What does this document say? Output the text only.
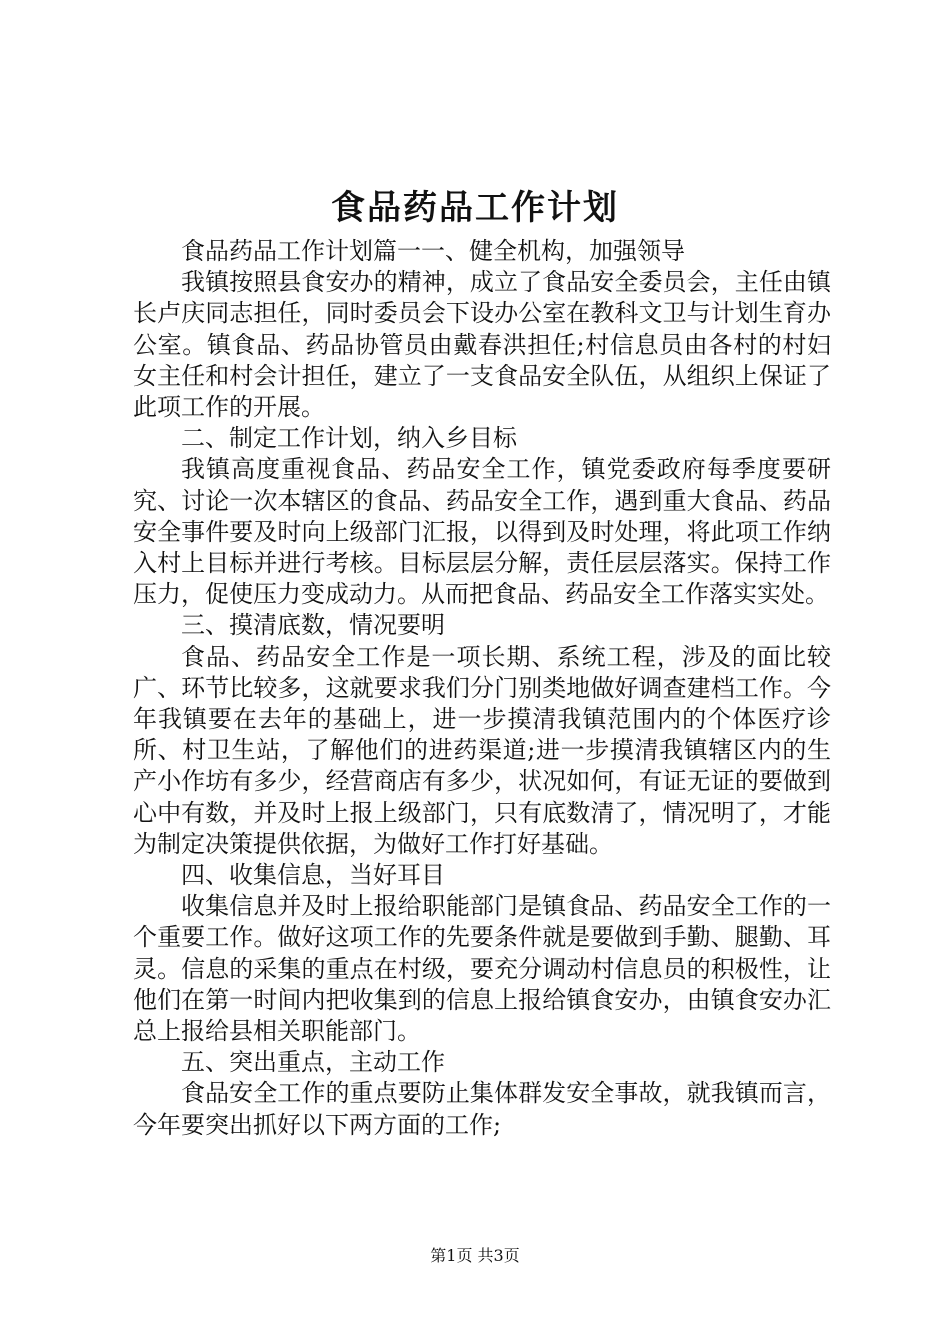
食品药品工作计划

食品药品工作计划篇一一、健全机构，加强领导

我镇按照县食安办的精神，成立了食品安全委员会，主任由镇长卢庆同志担任，同时委员会下设办公室在教科文卫与计划生育办公室。镇食品、药品协管员由戴春洪担任;村信息员由各村的村妇女主任和村会计担任，建立了一支食品安全队伍，从组织上保证了此项工作的开展。

二、制定工作计划，纳入乡目标

我镇高度重视食品、药品安全工作，镇党委政府每季度要研究、讨论一次本辖区的食品、药品安全工作，遇到重大食品、药品安全事件要及时向上级部门汇报，以得到及时处理，将此项工作纳入村上目标并进行考核。目标层层分解，责任层层落实。保持工作压力，促使压力变成动力。从而把食品、药品安全工作落实实处。

三、摸清底数，情况要明

食品、药品安全工作是一项长期、系统工程，涉及的面比较广、环节比较多，这就要求我们分门别类地做好调查建档工作。今年我镇要在去年的基础上，进一步摸清我镇范围内的个体医疗诊所、村卫生站，了解他们的进药渠道;进一步摸清我镇辖区内的生产小作坊有多少，经营商店有多少，状况如何，有证无证的要做到心中有数，并及时上报上级部门，只有底数清了，情况明了，才能为制定决策提供依据，为做好工作打好基础。

四、收集信息，当好耳目

收集信息并及时上报给职能部门是镇食品、药品安全工作的一个重要工作。做好这项工作的先要条件就是要做到手勤、腿勤、耳灵。信息的采集的重点在村级，要充分调动村信息员的积极性，让他们在第一时间内把收集到的信息上报给镇食安办，由镇食安办汇总上报给县相关职能部门。

五、突出重点，主动工作

食品安全工作的重点要防止集体群发安全事故，就我镇而言，今年要突出抓好以下两方面的工作;

第1页 共3页
